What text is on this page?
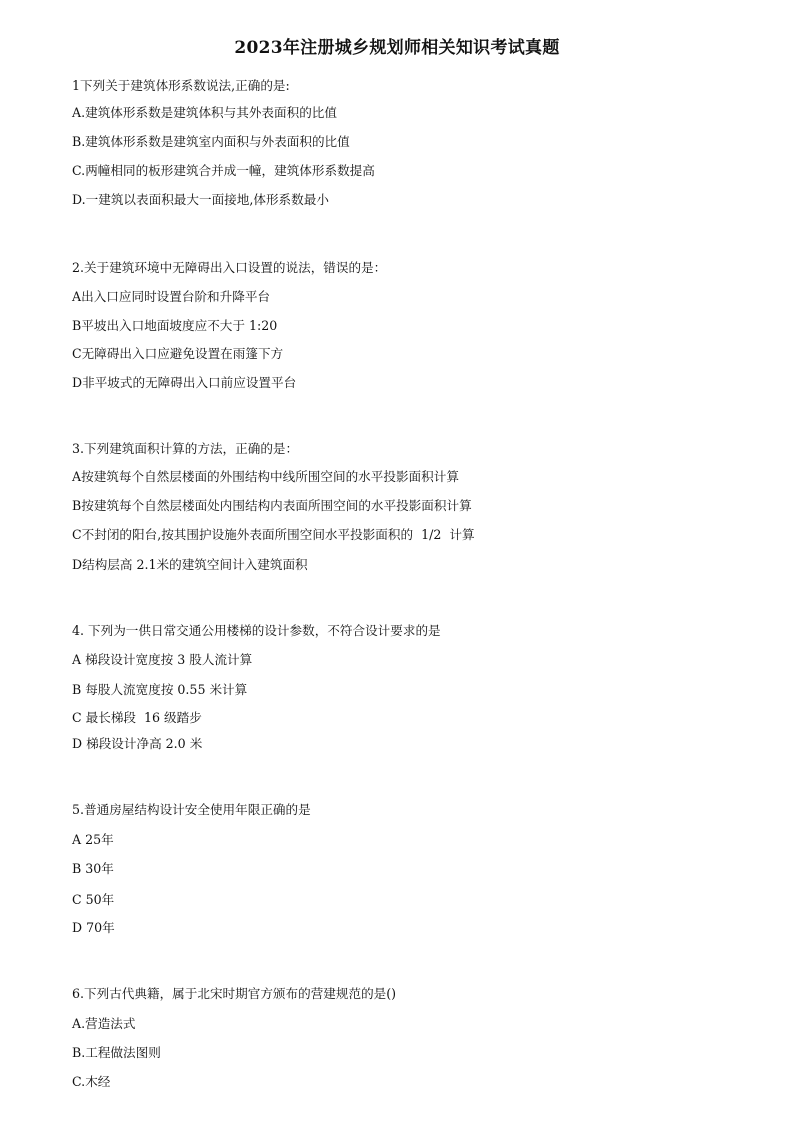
2023年注册城乡规划师相关知识考试真题
1下列关于建筑体形系数说法,正确的是:
A.建筑体形系数是建筑体积与其外表面积的比值
B.建筑体形系数是建筑室内面积与外表面积的比值
C.两幢相同的板形建筑合并成一幢，建筑体形系数提高
D.一建筑以表面积最大一面接地,体形系数最小
2.关于建筑环境中无障碍出入口设置的说法，错误的是：
A出入口应同时设置台阶和升降平台
B平坡出入口地面坡度应不大于 1:20
C无障碍出入口应避免设置在雨篷下方
D非平坡式的无障碍出入口前应设置平台
3.下列建筑面积计算的方法，正确的是：
A按建筑每个自然层楼面的外围结构中线所围空间的水平投影面积计算
B按建筑每个自然层楼面处内围结构内表面所围空间的水平投影面积计算
C不封闭的阳台,按其围护设施外表面所围空间水平投影面积的  1/2  计算
D结构层高 2.1米的建筑空间计入建筑面积
4. 下列为一供日常交通公用楼梯的设计参数，不符合设计要求的是
A 梯段设计宽度按 3 股人流计算
B 每股人流宽度按 0.55 米计算
C 最长梯段  16 级踏步
D 梯段设计净高 2.0 米
5.普通房屋结构设计安全使用年限正确的是
A 25年
B 30年
C 50年
D 70年
6.下列古代典籍，属于北宋时期官方颁布的营建规范的是()
A.营造法式
B.工程做法图则
C.木经
